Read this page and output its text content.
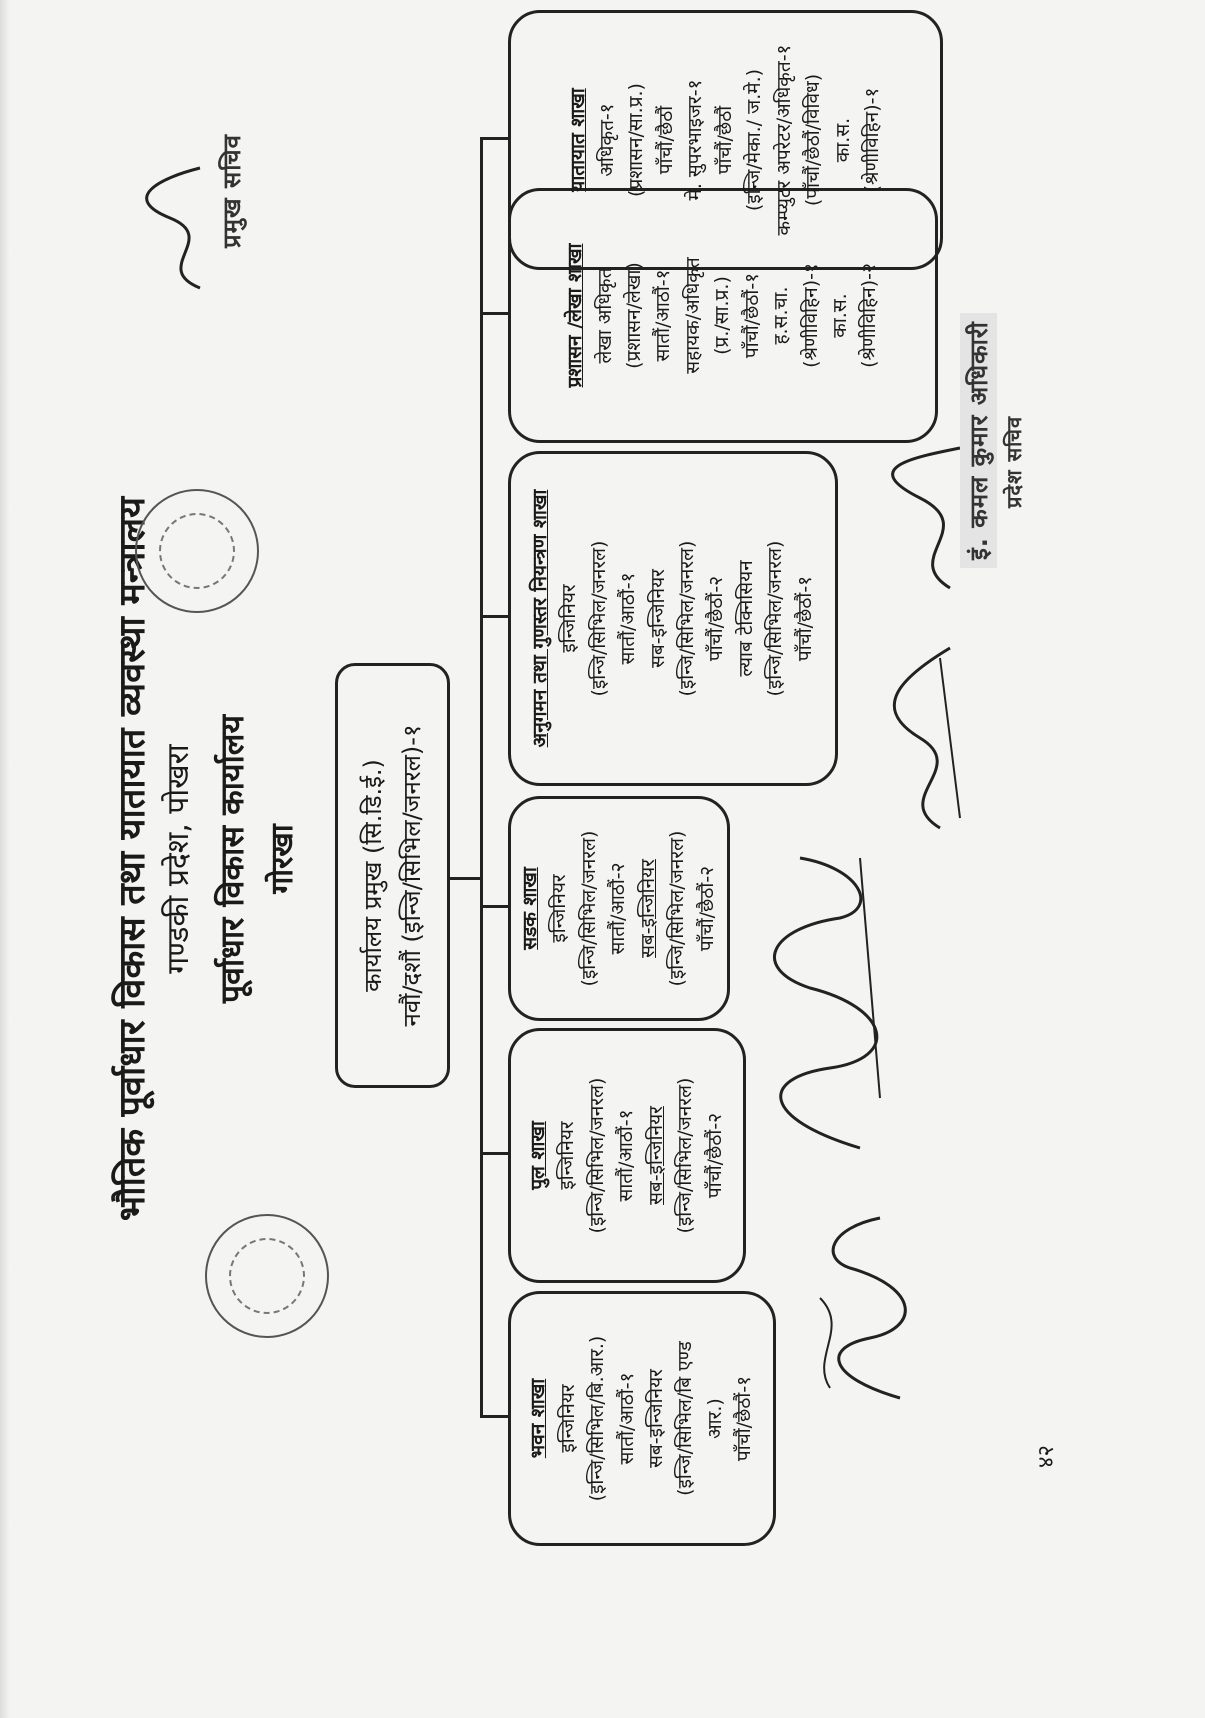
भौतिक पूर्वाधार विकास तथा यातायात व्यवस्था मन्त्रालय गण्डकी प्रदेश, पोखरा पूर्वाधार विकास कार्यालय गोरखा कार्यालय प्रमुख (सि.डि.ई.) नवौं/दशौं (इन्जि/सिभिल/जनरल)-१
भवन शाखा इन्जिनियर (इन्जि/सिभिल/बि.आर.) सातौं/आठौं-१ सब-इन्जिनियर (इन्जि/सिभिल/बि एण्ड आर.) पाँचौं/छैठौं-१
पुल शाखा इन्जिनियर (इन्जि/सिभिल/जनरल) सातौं/आठौं-१ सब-इन्जिनियर (इन्जि/सिभिल/जनरल) पाँचौं/छैठौं-२
सडक शाखा इन्जिनियर (इन्जि/सिभिल/जनरल) सातौं/आठौं-२ सब-इन्जिनियर (इन्जि/सिभिल/जनरल) पाँचौं/छैठौं-२
अनुगमन तथा गुणस्तर नियन्त्रण शाखा इन्जिनियर (इन्जि/सिभिल/जनरल) सातौं/आठौं-१ सब-इन्जिनियर (इन्जि/सिभिल/जनरल) पाँचौं/छैठौं-२ ल्याब टेक्निसियन (इन्जि/सिभिल/जनरल) पाँचौं/छैठौं-१
प्रशासन /लेखा शाखा लेखा अधिकृत (प्रशासन/लेखा) सातौं/आठौं-१ सहायक/अधिकृत (प्र./सा.प्र.) पाँचौं/छैठौं-१ ह.स.चा. (श्रेणीविहिन)-१ का.स. (श्रेणीविहिन)-२
यातायात शाखा अधिकृत-१ (प्रशासन/सा.प्र.) पाँचौं/छैठौं मे. सुपरभाइजर-१ पाँचौं/छैठौं (इन्जि/मेका./ ज.मे.) कम्प्युटर अपरेटर/अधिकृत-१ (पाँचौं/छैठौं/विविध) का.स. (श्रेणीविहिन)-१
प्रमुख सचिव
इं. कमल कुमार अधिकारी प्रदेश सचिव
४२
